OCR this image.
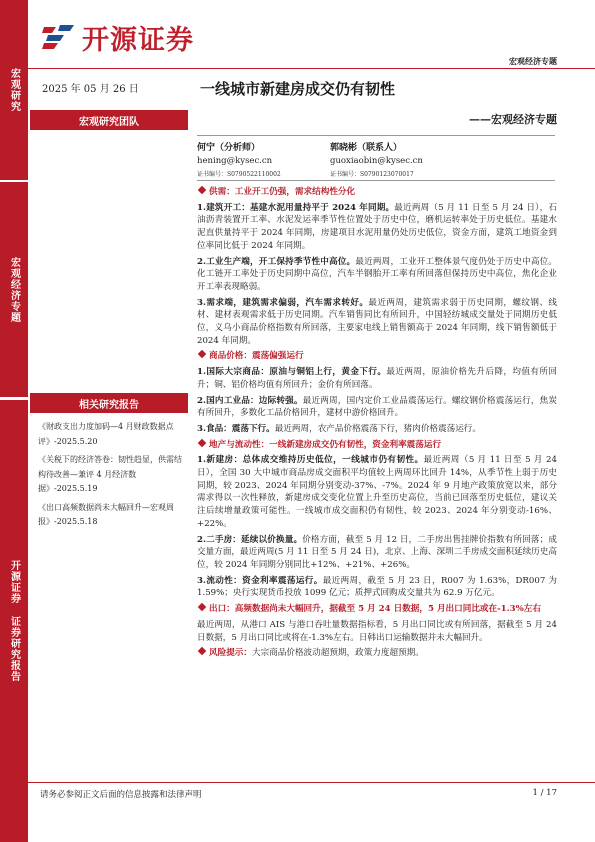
宏观研究
宏观经济专题
开源证券 证券研究报告
开源证券
宏观经济专题
2025 年 05 月 26 日	一线城市新建房成交仍有韧性
——宏观经济专题
宏观研究团队
何宁（分析师）
hening@kysec.cn
证书编号：S0790522110002
郭晓彬（联系人）
guoxiaobin@kysec.cn
证书编号：S0790123070017
相关研究报告

《 财政支出力度加码—4 月财政数据点评》-2025.5.20

《 关税下的经济答卷：韧性趋显，供需结构待改善—兼评 4 月经济数据》-2025.5.19

《 出口高频数据尚未大幅回升—宏观周报》-2025.5.18

供需：工业开工仍强，需求结构性分化

1.建筑开工：基建水泥用量持平于 2024 年同期。最近两周（5 月 11 日至 5 月 24 日），石油沥青装置开工率、水泥发运率季节性位置处于历史中位，磨机运转率处于历史低位。基建水泥直供量持平于 2024 年同期，房建项目水泥用量仍处历史低位，资金方面，建筑工地资金到位率同比低于 2024 年同期。

2.工业生产端，开工保持季节性中高位。最近两周，工业开工整体景气度仍处于历史中高位。化工链开工率处于历史同期中高位，汽车半钢胎开工率有所回落但保持历史中高位，焦化企业开工率表现略弱。

3.需求端，建筑需求偏弱，汽车需求转好。最近两周，建筑需求弱于历史同期，螺纹钢、线材、建材表观需求低于历史同期。汽车销售同比有所回升，中国轻纺城成交量处于同期历史低位，义乌小商品价格指数有所回落，主要家电线上销售额高于 2024 年同期，线下销售额低于 2024 年同期。

商品价格：震荡偏强运行

1.国际大宗商品：原油与铜铝上行，黄金下行。最近两周，原油价格先升后降，均值有所回升；铜、铝价格均值有所回升；金价有所回落。

2.国内工业品：边际转强。最近两周，国内定价工业品震荡运行。螺纹钢价格震荡运行，焦炭有所回升，多数化工品价格回升，建材中游价格回升。

3.食品：震荡下行。最近两周，农产品价格震荡下行，猪肉价格震荡运行。

地产与流动性：一线新建房成交仍有韧性，资金利率震荡运行

1.新建房：总体成交维持历史低位，一线城市仍有韧性。最近两周（5 月 11 日至 5 月 24 日），全国 30 大中城市商品房成交面积平均值较上两周环比回升 14%，从季节性上弱于历史同期，较 2023、2024 年同期分别变动-37%、-7%。2024 年 9 月地产政策放宽以来，部分需求得以一次性释放，新建房成交变化位置上升至历史高位，当前已回落至历史低位，建议关注后续增量政策可能性。一线城市成交面积仍有韧性，较 2023、2024 年分别变动-16%、+22%。

2.二手房：延续以价换量。价格方面，截至 5 月 12 日，二手房出售挂牌价指数有所回落；成交量方面，最近两周(5 月 11 日至 5 月 24 日)，北京、上海、深圳二手房成交面积延续历史高位，较 2024 年同期分别同比+12%、+21%、+26%。

3.流动性：资金利率震荡运行。最近两周，截至 5 月 23 日，R007 为 1.63%，DR007 为 1.59%；央行实现货币投放 1099 亿元；质押式回购成交量共为 62.9 万亿元。

出口：高频数据尚未大幅回升，据截至 5 月 24 日数据，5 月出口同比或在-1.3%左右

最近两周，从港口 AIS 与港口吞吐量数据指标看，5 月出口同比或有所回落，据截至 5 月 24 日数据，5 月出口同比或将在-1.3%左右。日韩出口运输数据并未大幅回升。

风险提示：大宗商品价格波动超预期，政策力度超预期。

请务必参阅正文后面的信息披露和法律声明	1 / 17
